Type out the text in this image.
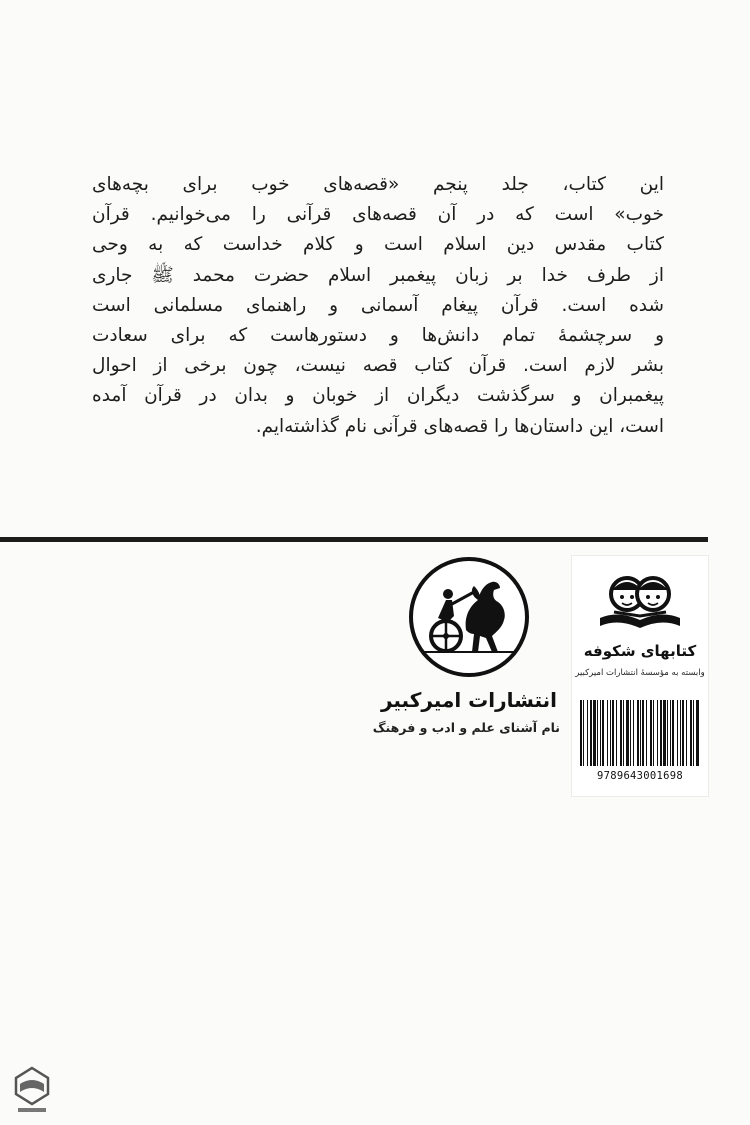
این کتاب، جلد پنجم «قصه‌های خوب برای بچه‌های
خوب» است که در آن قصه‌های قرآنی را می‌خوانیم. قرآن
کتاب مقدس دین اسلام است و کلام خداست که به وحی
از طرف خدا بر زبان پیغمبر اسلام حضرت محمد ﷺ جاری
شده است. قرآن پیغام آسمانی و راهنمای مسلمانی است
و سرچشمهٔ تمام دانش‌ها و دستورهاست که برای سعادت
بشر لازم است. قرآن کتاب قصه نیست، چون برخی از احوال
پیغمبران و سرگذشت دیگران از خوبان و بدان در قرآن آمده
است، این داستان‌ها را قصه‌های قرآنی نام گذاشته‌ایم.
انتشارات امیرکبیر
نام آشنای علم و ادب و فرهنگ
کتابهای شکوفه
وابسته به مؤسسهٔ انتشارات امیرکبیر
9789643001698
